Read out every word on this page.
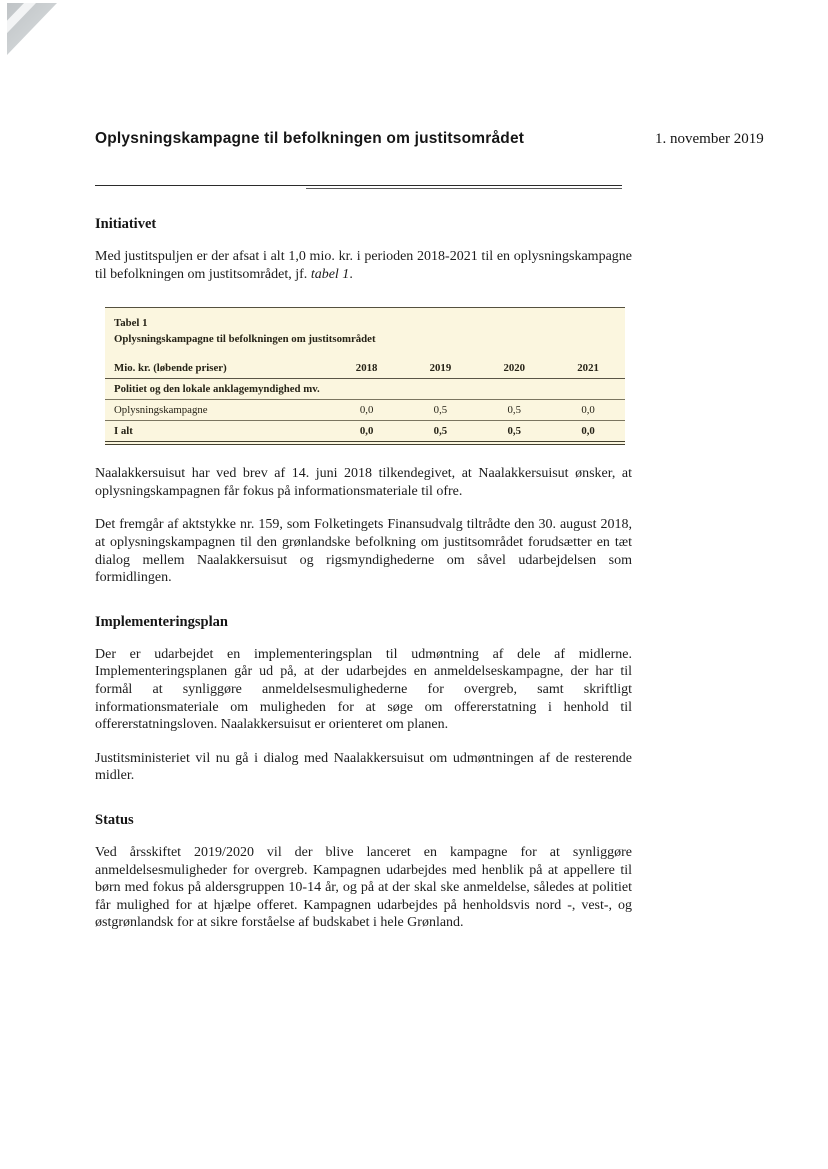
Oplysningskampagne til befolkningen om justitsområdet	1. november 2019
Initiativet

Med justitspuljen er der afsat i alt 1,0 mio. kr. i perioden 2018-2021 til en oplysningskampagne til befolkningen om justitsområdet, jf. tabel 1.

Tabel 1
Oplysningskampagne til befolkningen om justitsområdet
Mio. kr. (løbende priser)	2018	2019	2020	2021
Politiet og den lokale anklagemyndighed mv.				
Oplysningskampagne	0,0	0,5	0,5	0,0
I alt	0,0	0,5	0,5	0,0

Naalakkersuisut har ved brev af 14. juni 2018 tilkendegivet, at Naalakkersuisut ønsker, at oplysningskampagnen får fokus på informationsmateriale til ofre.

Det fremgår af aktstykke nr. 159, som Folketingets Finansudvalg tiltrådte den 30. august 2018, at oplysningskampagnen til den grønlandske befolkning om justitsområdet forudsætter en tæt dialog mellem Naalakkersuisut og rigsmyndighederne om såvel udarbejdelsen som formidlingen.

Implementeringsplan

Der er udarbejdet en implementeringsplan til udmøntning af dele af midlerne. Implementeringsplanen går ud på, at der udarbejdes en anmeldelseskampagne, der har til formål at synliggøre anmeldelsesmulighederne for overgreb, samt skriftligt informationsmateriale om muligheden for at søge om offererstatning i henhold til offererstatningsloven. Naalakkersuisut er orienteret om planen.

Justitsministeriet vil nu gå i dialog med Naalakkersuisut om udmøntningen af de resterende midler.

Status

Ved årsskiftet 2019/2020 vil der blive lanceret en kampagne for at synliggøre anmeldelsesmuligheder for overgreb. Kampagnen udarbejdes med henblik på at appellere til børn med fokus på aldersgruppen 10-14 år, og på at der skal ske anmeldelse, således at politiet får mulighed for at hjælpe offeret. Kampagnen udarbejdes på henholdsvis nord -, vest-, og østgrønlandsk for at sikre forståelse af budskabet i hele Grønland.
